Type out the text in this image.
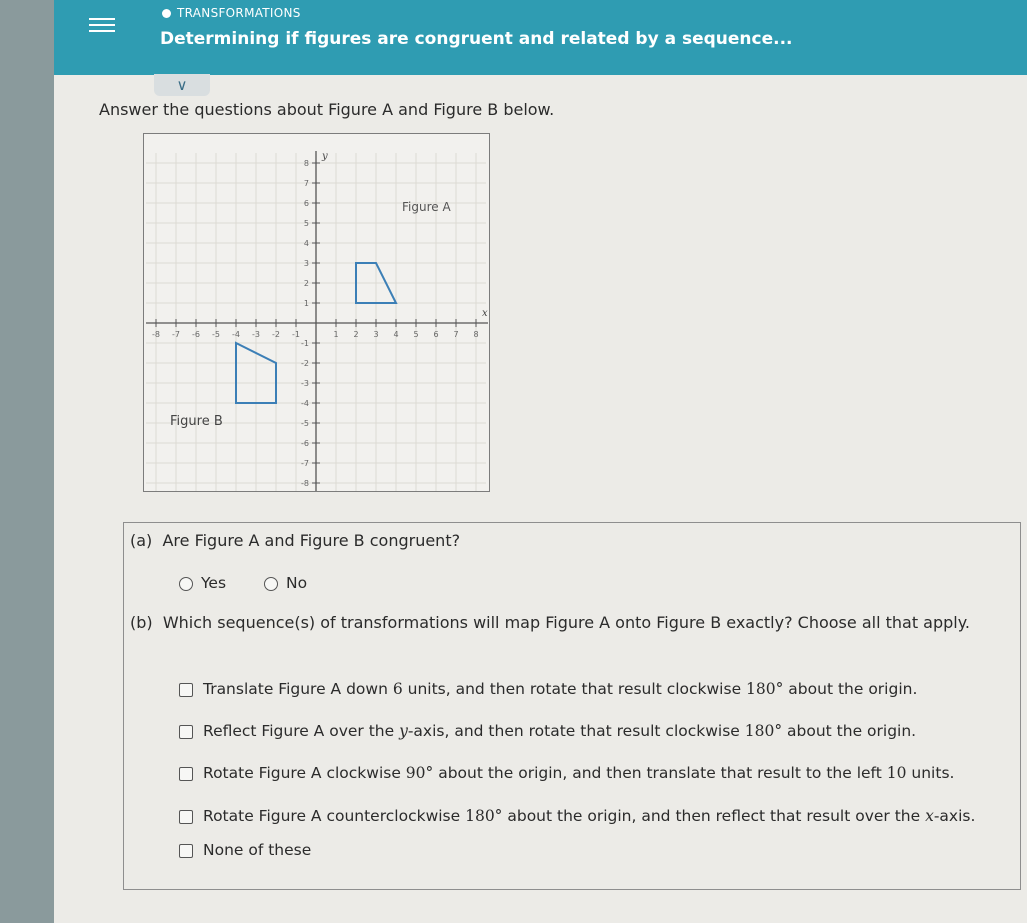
TRANSFORMATIONS
Determining if figures are congruent and related by a sequence...
∨
Answer the questions about Figure A and Figure B below.
-8 -7 -6 -5 -4 -3 -2 -1	1 2 3 4 5 6 7 8
8
7
6
5
4
3
2
1
-1
-2
-3
-4
-5
-6
-7
-8
x
y
Figure A
Figure B
(a) Are Figure A and Figure B congruent?
Yes	No
(b) Which sequence(s) of transformations will map Figure A onto Figure B exactly? Choose all that apply.
Translate Figure A down 6 units, and then rotate that result clockwise 180° about the origin.
Reflect Figure A over the y-axis, and then rotate that result clockwise 180° about the origin.
Rotate Figure A clockwise 90° about the origin, and then translate that result to the left 10 units.
Rotate Figure A counterclockwise 180° about the origin, and then reflect that result over the x-axis.
None of these
